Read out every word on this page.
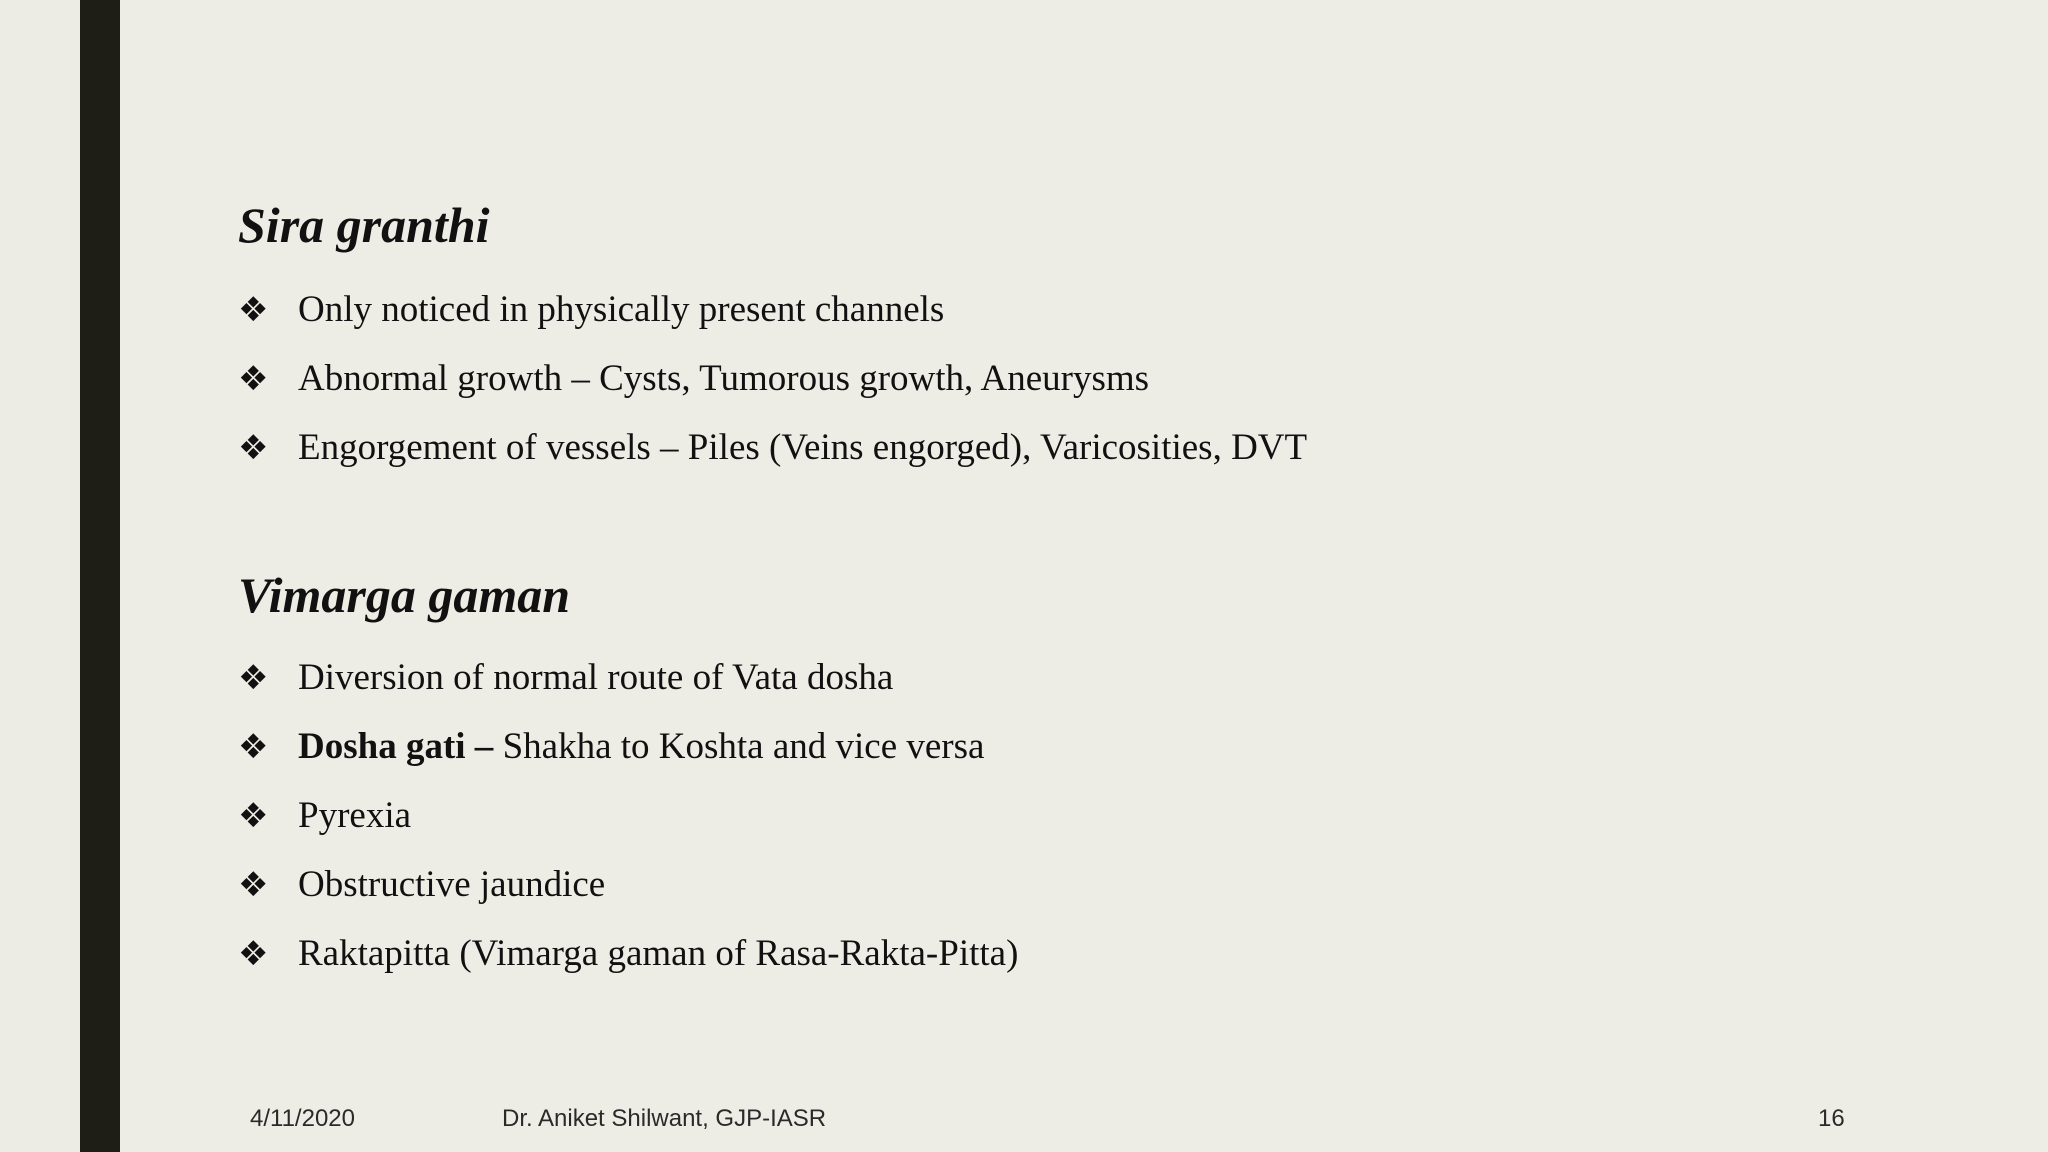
Sira granthi
❖ Only noticed in physically present channels
❖ Abnormal growth – Cysts, Tumorous growth, Aneurysms
❖ Engorgement of vessels – Piles (Veins engorged), Varicosities, DVT
Vimarga gaman
❖ Diversion of normal route of Vata dosha
❖ Dosha gati – Shakha to Koshta and vice versa
❖ Pyrexia
❖ Obstructive jaundice
❖ Raktapitta (Vimarga gaman of Rasa-Rakta-Pitta)
4/11/2020	Dr. Aniket Shilwant, GJP-IASR	16
